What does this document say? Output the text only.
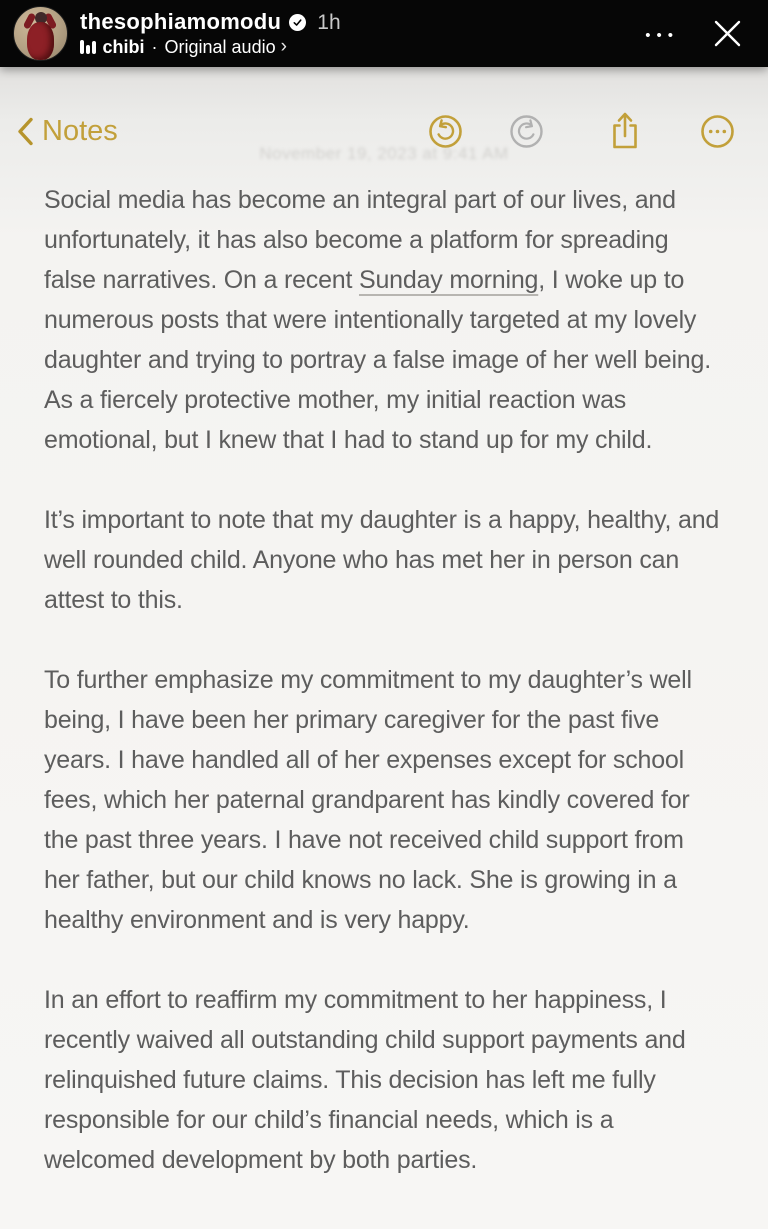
thesophiamomodu 1h
chibi · Original audio ›
•••
Notes
November 19, 2023 at 9:41 AM

Social media has become an integral part of our lives, and unfortunately, it has also become a platform for spreading false narratives. On a recent Sunday morning, I woke up to numerous posts that were intentionally targeted at my lovely daughter and trying to portray a false image of her well being. As a fiercely protective mother, my initial reaction was emotional, but I knew that I had to stand up for my child.

It’s important to note that my daughter is a happy, healthy, and well rounded child. Anyone who has met her in person can attest to this.

To further emphasize my commitment to my daughter’s well being, I have been her primary caregiver for the past five years. I have handled all of her expenses except for school fees, which her paternal grandparent has kindly covered for the past three years. I have not received child support from her father, but our child knows no lack. She is growing in a healthy environment and is very happy.

In an effort to reaffirm my commitment to her happiness, I recently waived all outstanding child support payments and relinquished future claims. This decision has left me fully responsible for our child’s financial needs, which is a welcomed development by both parties.
